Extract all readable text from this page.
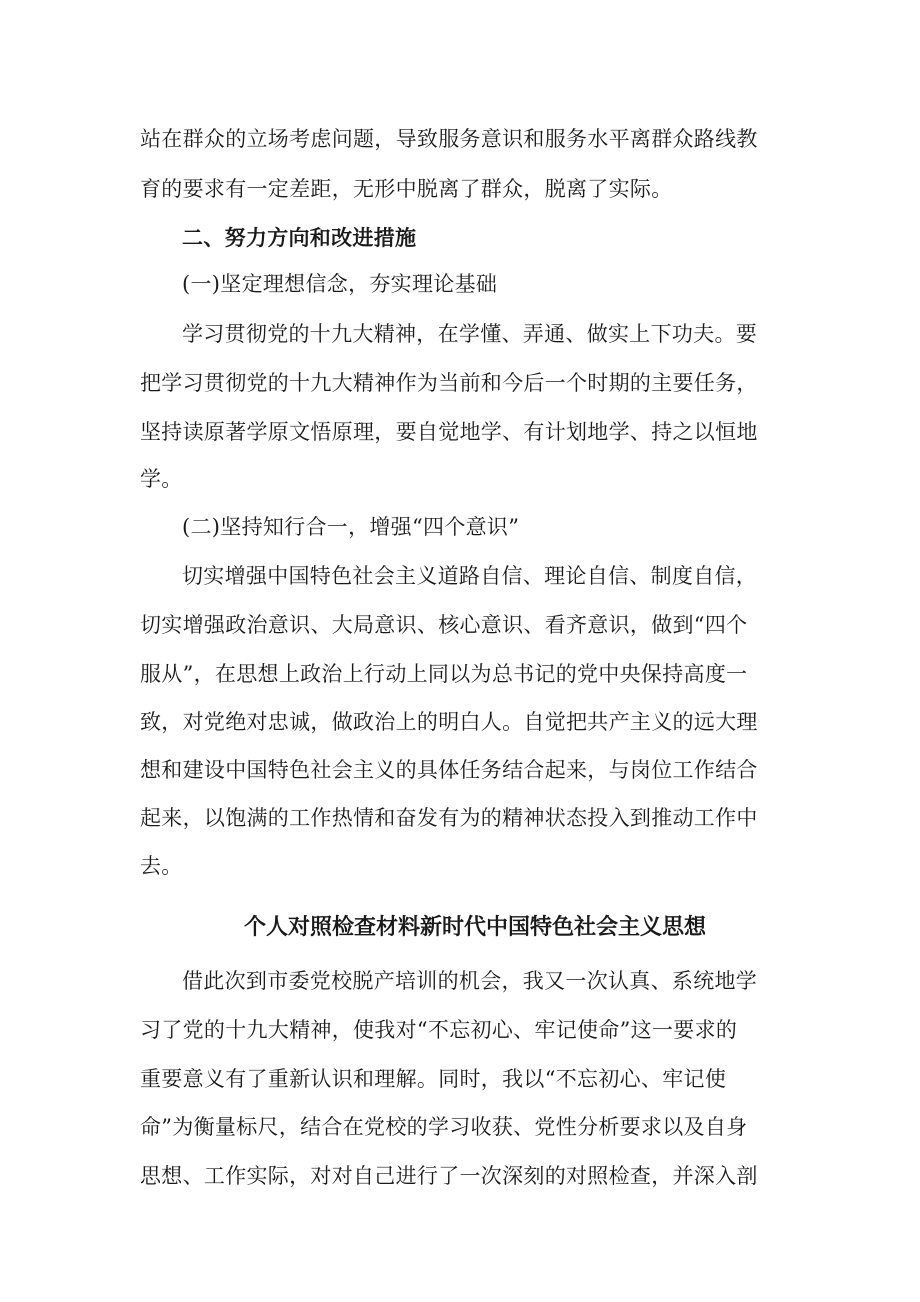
站在群众的立场考虑问题，导致服务意识和服务水平离群众路线教
育的要求有一定差距，无形中脱离了群众，脱离了实际。
二、努力方向和改进措施
(一)坚定理想信念，夯实理论基础
学习贯彻党的十九大精神，在学懂、弄通、做实上下功夫。要
把学习贯彻党的十九大精神作为当前和今后一个时期的主要任务，
坚持读原著学原文悟原理，要自觉地学、有计划地学、持之以恒地
学。
(二)坚持知行合一，增强“四个意识”
切实增强中国特色社会主义道路自信、理论自信、制度自信，
切实增强政治意识、大局意识、核心意识、看齐意识，做到“四个
服从”，在思想上政治上行动上同以为总书记的党中央保持高度一
致，对党绝对忠诚，做政治上的明白人。自觉把共产主义的远大理
想和建设中国特色社会主义的具体任务结合起来，与岗位工作结合
起来，以饱满的工作热情和奋发有为的精神状态投入到推动工作中
去。
个人对照检查材料新时代中国特色社会主义思想
借此次到市委党校脱产培训的机会，我又一次认真、系统地学
习了党的十九大精神，使我对“不忘初心、牢记使命”这一要求的
重要意义有了重新认识和理解。同时，我以“不忘初心、牢记使
命”为衡量标尺，结合在党校的学习收获、党性分析要求以及自身
思想、工作实际，对对自己进行了一次深刻的对照检查，并深入剖
